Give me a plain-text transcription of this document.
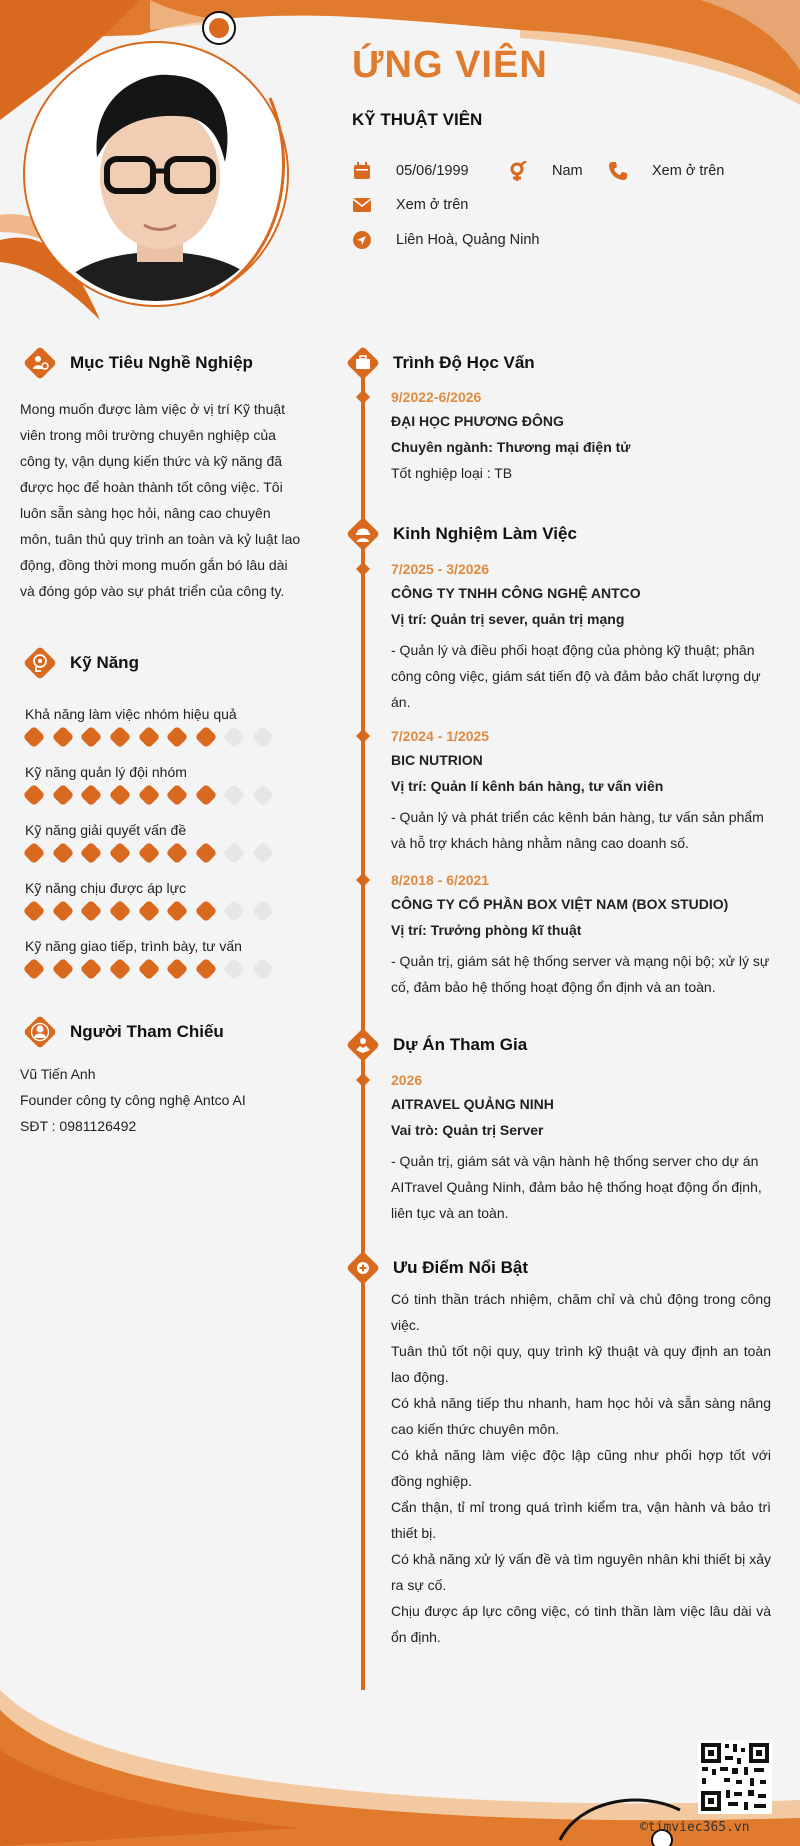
ỨNG VIÊN
KỸ THUẬT VIÊN
05/06/1999	Nam	Xem ở trên
Xem ở trên
Liên Hoà, Quảng Ninh
Mục Tiêu Nghề Nghiệp
Mong muốn được làm việc ở vị trí Kỹ thuật
viên trong môi trường chuyên nghiệp của
công ty, vận dụng kiến thức và kỹ năng đã
được học để hoàn thành tốt công việc. Tôi
luôn sẵn sàng học hỏi, nâng cao chuyên
môn, tuân thủ quy trình an toàn và kỷ luật lao
động, đồng thời mong muốn gắn bó lâu dài
và đóng góp vào sự phát triển của công ty.
Kỹ Năng
Khả năng làm việc nhóm hiệu quả
Kỹ năng quản lý đội nhóm
Kỹ năng giải quyết vấn đề
Kỹ năng chịu được áp lực
Kỹ năng giao tiếp, trình bày, tư vấn
Người Tham Chiếu
Vũ Tiến Anh
Founder công ty công nghệ Antco AI
SĐT : 0981126492
Trình Độ Học Vấn
9/2022-6/2026
ĐẠI HỌC PHƯƠNG ĐÔNG
Chuyên ngành: Thương mại điện tử
Tốt nghiệp loại : TB
Kinh Nghiệm Làm Việc
7/2025 - 3/2026
CÔNG TY TNHH CÔNG NGHỆ ANTCO
Vị trí: Quản trị sever, quản trị mạng
- Quản lý và điều phối hoạt động của phòng kỹ thuật; phân
công công việc, giám sát tiến độ và đảm bảo chất lượng dự
án.
7/2024 - 1/2025
BIC NUTRION
Vị trí: Quản lí kênh bán hàng, tư vấn viên
- Quản lý và phát triển các kênh bán hàng, tư vấn sản phẩm
và hỗ trợ khách hàng nhằm nâng cao doanh số.
8/2018 - 6/2021
CÔNG TY CỔ PHẦN BOX VIỆT NAM (BOX STUDIO)
Vị trí: Trưởng phòng kĩ thuật
- Quản trị, giám sát hệ thống server và mạng nội bộ; xử lý sự
cố, đảm bảo hệ thống hoạt động ổn định và an toàn.
Dự Án Tham Gia
2026
AITRAVEL QUẢNG NINH
Vai trò: Quản trị Server
- Quản trị, giám sát và vận hành hệ thống server cho dự án
AITravel Quảng Ninh, đảm bảo hệ thống hoạt động ổn định,
liên tục và an toàn.
Ưu Điểm Nổi Bật
Có tinh thần trách nhiệm, chăm chỉ và chủ động trong công
việc.
Tuân thủ tốt nội quy, quy trình kỹ thuật và quy định an toàn
lao động.
Có khả năng tiếp thu nhanh, ham học hỏi và sẵn sàng nâng
cao kiến thức chuyên môn.
Có khả năng làm việc độc lập cũng như phối hợp tốt với
đồng nghiệp.
Cẩn thận, tỉ mỉ trong quá trình kiểm tra, vận hành và bảo trì
thiết bị.
Có khả năng xử lý vấn đề và tìm nguyên nhân khi thiết bị xảy
ra sự cố.
Chịu được áp lực công việc, có tinh thần làm việc lâu dài và
ổn định.
©timviec365.vn
